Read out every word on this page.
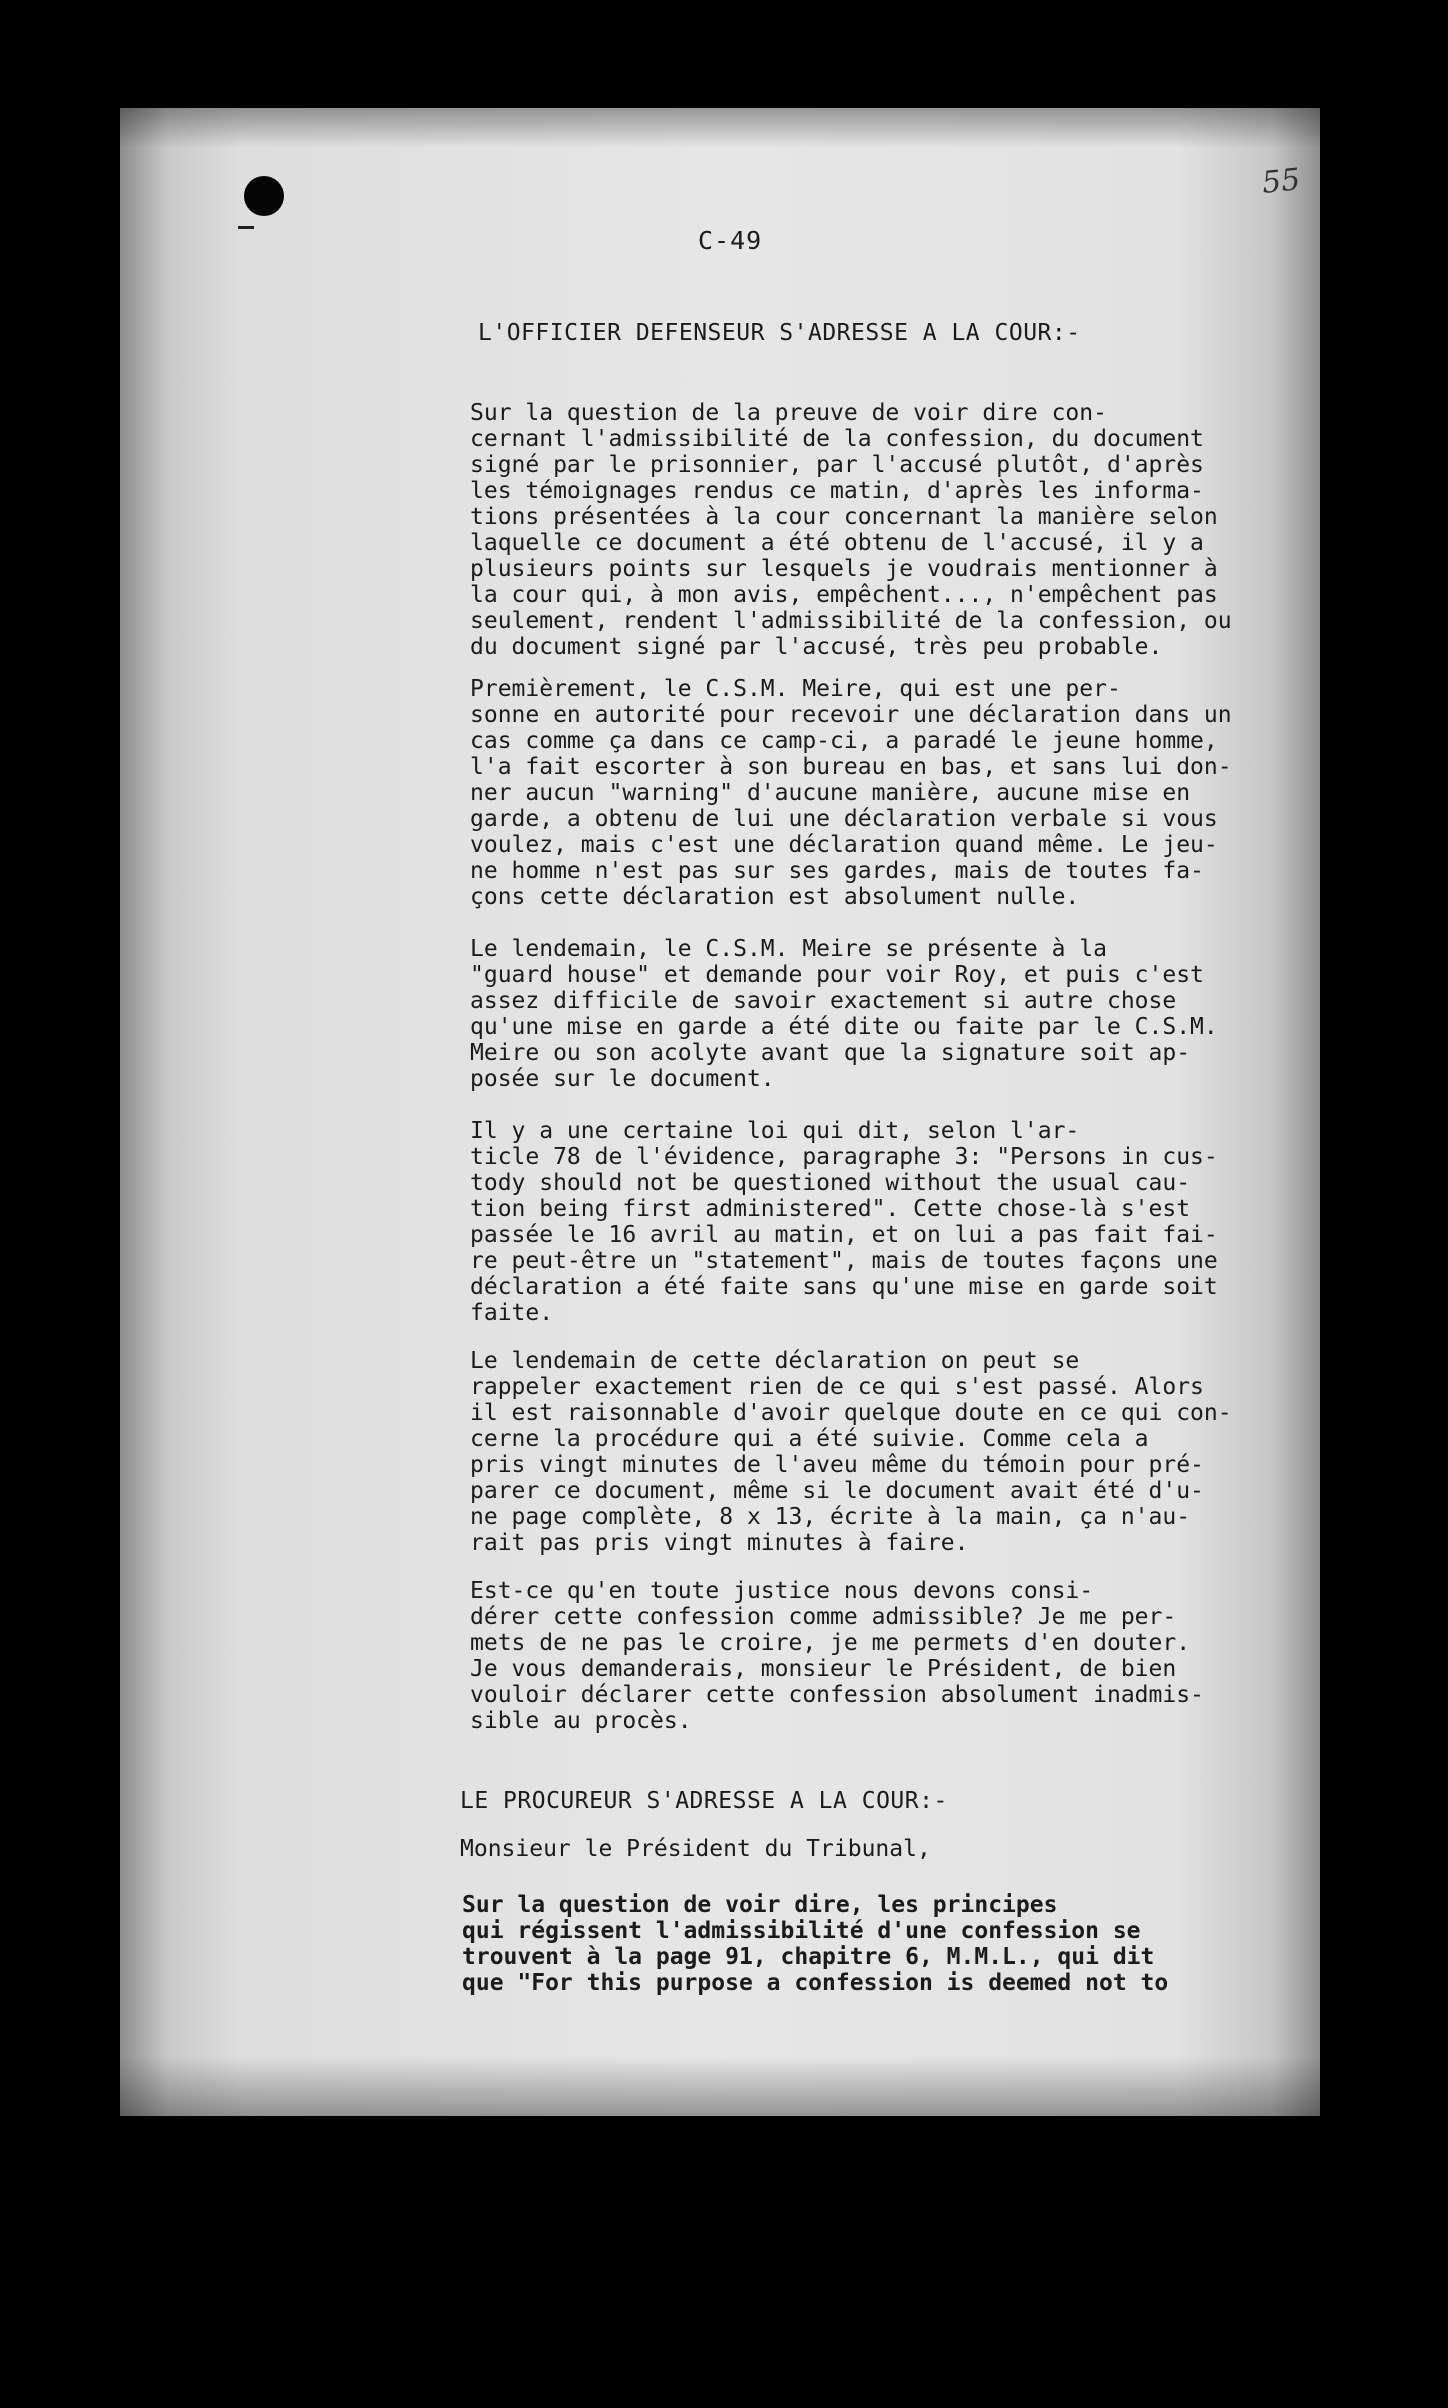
55
C-49
L'OFFICIER DEFENSEUR S'ADRESSE A LA COUR:-
Sur la question de la preuve de voir dire con-
cernant l'admissibilité de la confession, du document
signé par le prisonnier, par l'accusé plutôt, d'après
les témoignages rendus ce matin, d'après les informa-
tions présentées à la cour concernant la manière selon
laquelle ce document a été obtenu de l'accusé, il y a
plusieurs points sur lesquels je voudrais mentionner à
la cour qui, à mon avis, empêchent..., n'empêchent pas
seulement, rendent l'admissibilité de la confession, ou
du document signé par l'accusé, très peu probable.
Premièrement, le C.S.M. Meire, qui est une per-
sonne en autorité pour recevoir une déclaration dans un
cas comme ça dans ce camp-ci, a paradé le jeune homme,
l'a fait escorter à son bureau en bas, et sans lui don-
ner aucun "warning" d'aucune manière, aucune mise en
garde, a obtenu de lui une déclaration verbale si vous
voulez, mais c'est une déclaration quand même. Le jeu-
ne homme n'est pas sur ses gardes, mais de toutes fa-
çons cette déclaration est absolument nulle.
Le lendemain, le C.S.M. Meire se présente à la
"guard house" et demande pour voir Roy, et puis c'est
assez difficile de savoir exactement si autre chose
qu'une mise en garde a été dite ou faite par le C.S.M.
Meire ou son acolyte avant que la signature soit ap-
posée sur le document.
Il y a une certaine loi qui dit, selon l'ar-
ticle 78 de l'évidence, paragraphe 3: "Persons in cus-
tody should not be questioned without the usual cau-
tion being first administered". Cette chose-là s'est
passée le 16 avril au matin, et on lui a pas fait fai-
re peut-être un "statement", mais de toutes façons une
déclaration a été faite sans qu'une mise en garde soit
faite.
Le lendemain de cette déclaration on peut se
rappeler exactement rien de ce qui s'est passé. Alors
il est raisonnable d'avoir quelque doute en ce qui con-
cerne la procédure qui a été suivie. Comme cela a
pris vingt minutes de l'aveu même du témoin pour pré-
parer ce document, même si le document avait été d'u-
ne page complète, 8 x 13, écrite à la main, ça n'au-
rait pas pris vingt minutes à faire.
Est-ce qu'en toute justice nous devons consi-
dérer cette confession comme admissible? Je me per-
mets de ne pas le croire, je me permets d'en douter.
Je vous demanderais, monsieur le Président, de bien
vouloir déclarer cette confession absolument inadmis-
sible au procès.
LE PROCUREUR S'ADRESSE A LA COUR:-
Monsieur le Président du Tribunal,
Sur la question de voir dire, les principes
qui régissent l'admissibilité d'une confession se
trouvent à la page 91, chapitre 6, M.M.L., qui dit
que "For this purpose a confession is deemed not to
